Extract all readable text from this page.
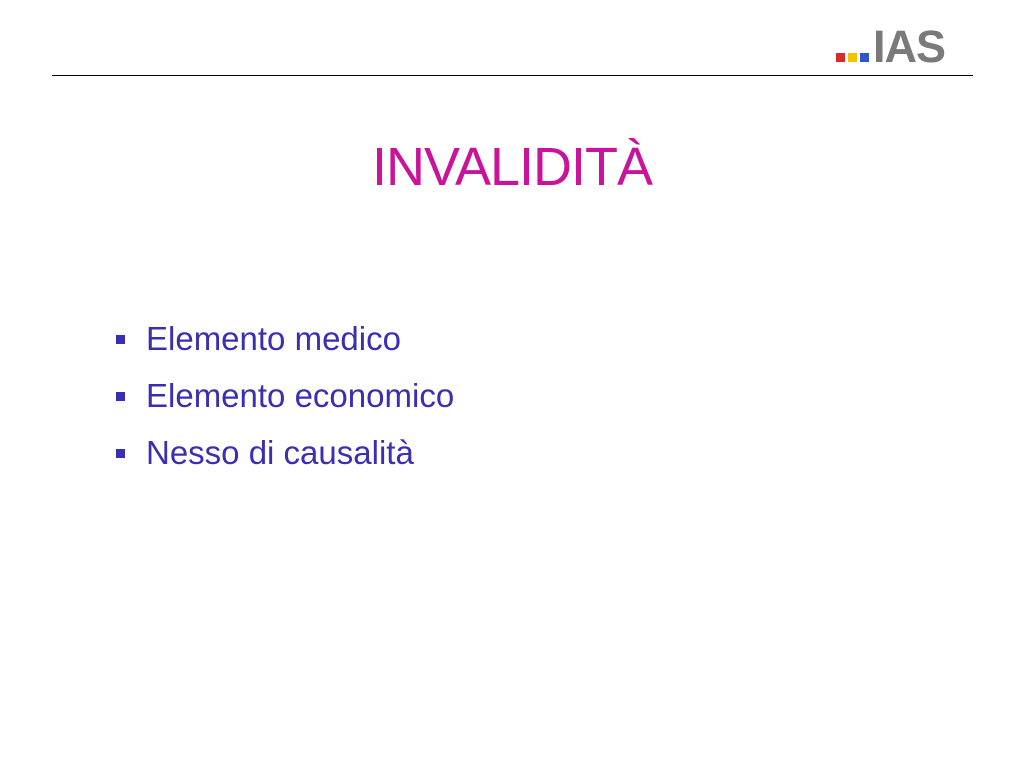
IAS
INVALIDITÀ
Elemento medico
Elemento economico
Nesso di causalità
